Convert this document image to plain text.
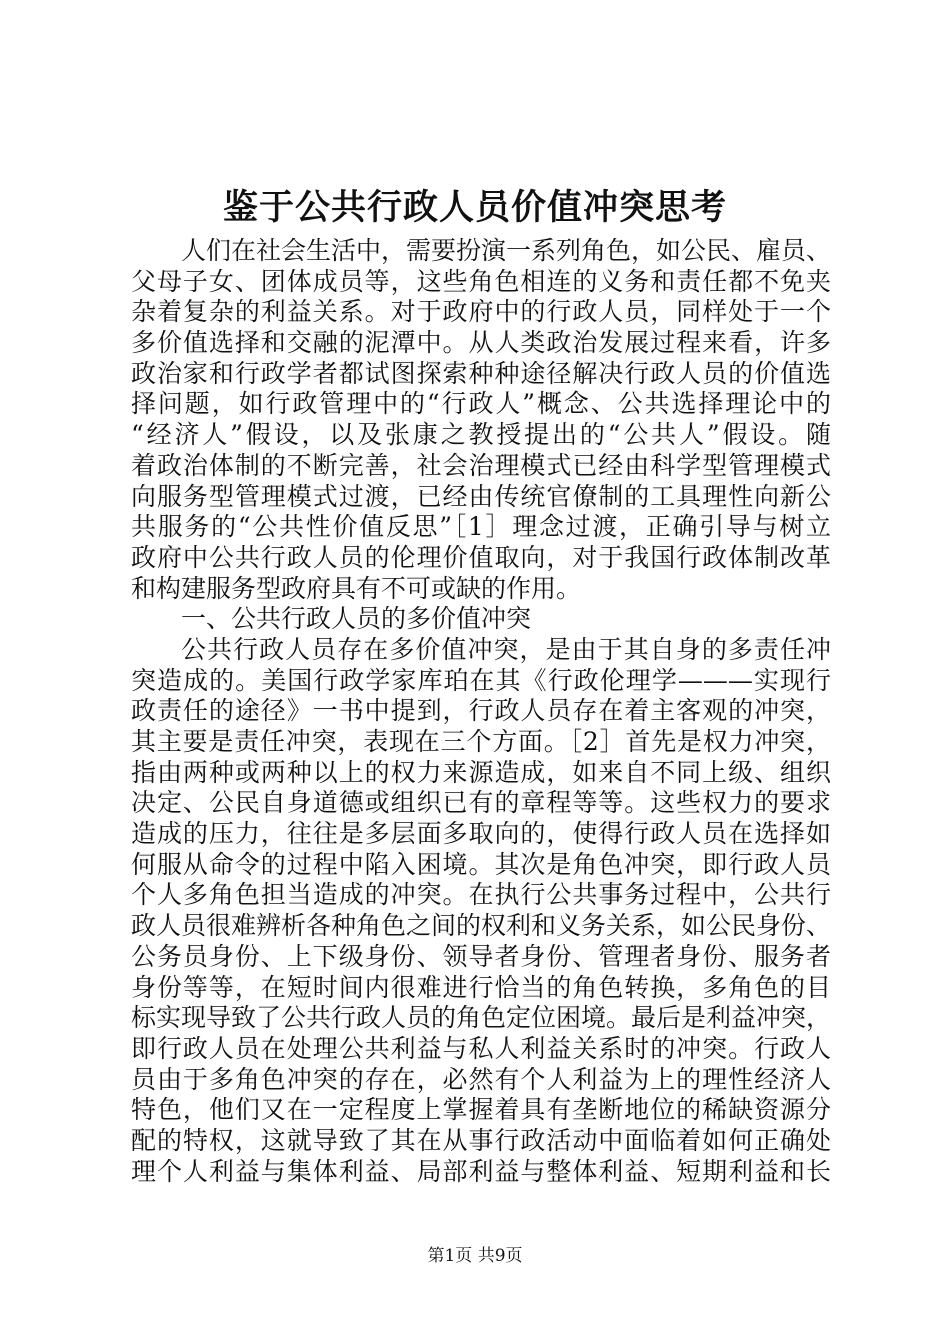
鉴于公共行政人员价值冲突思考
人们在社会生活中，需要扮演一系列角色，如公民、雇员、
父母子女、团体成员等，这些角色相连的义务和责任都不免夹
杂着复杂的利益关系。对于政府中的行政人员，同样处于一个
多价值选择和交融的泥潭中。从人类政治发展过程来看，许多
政治家和行政学者都试图探索种种途径解决行政人员的价值选
择问题，如行政管理中的“行政人”概念、公共选择理论中的
“经济人”假设，以及张康之教授提出的“公共人”假设。随
着政治体制的不断完善，社会治理模式已经由科学型管理模式
向服务型管理模式过渡，已经由传统官僚制的工具理性向新公
共服务的“公共性价值反思”［1］理念过渡，正确引导与树立
政府中公共行政人员的伦理价值取向，对于我国行政体制改革
和构建服务型政府具有不可或缺的作用。
一、公共行政人员的多价值冲突
公共行政人员存在多价值冲突，是由于其自身的多责任冲
突造成的。美国行政学家库珀在其《行政伦理学———实现行
政责任的途径》一书中提到，行政人员存在着主客观的冲突，
其主要是责任冲突，表现在三个方面。［2］首先是权力冲突，
指由两种或两种以上的权力来源造成，如来自不同上级、组织
决定、公民自身道德或组织已有的章程等等。这些权力的要求
造成的压力，往往是多层面多取向的，使得行政人员在选择如
何服从命令的过程中陷入困境。其次是角色冲突，即行政人员
个人多角色担当造成的冲突。在执行公共事务过程中，公共行
政人员很难辨析各种角色之间的权利和义务关系，如公民身份、
公务员身份、上下级身份、领导者身份、管理者身份、服务者
身份等等，在短时间内很难进行恰当的角色转换，多角色的目
标实现导致了公共行政人员的角色定位困境。最后是利益冲突，
即行政人员在处理公共利益与私人利益关系时的冲突。行政人
员由于多角色冲突的存在，必然有个人利益为上的理性经济人
特色，他们又在一定程度上掌握着具有垄断地位的稀缺资源分
配的特权，这就导致了其在从事行政活动中面临着如何正确处
理个人利益与集体利益、局部利益与整体利益、短期利益和长
第1页 共9页
